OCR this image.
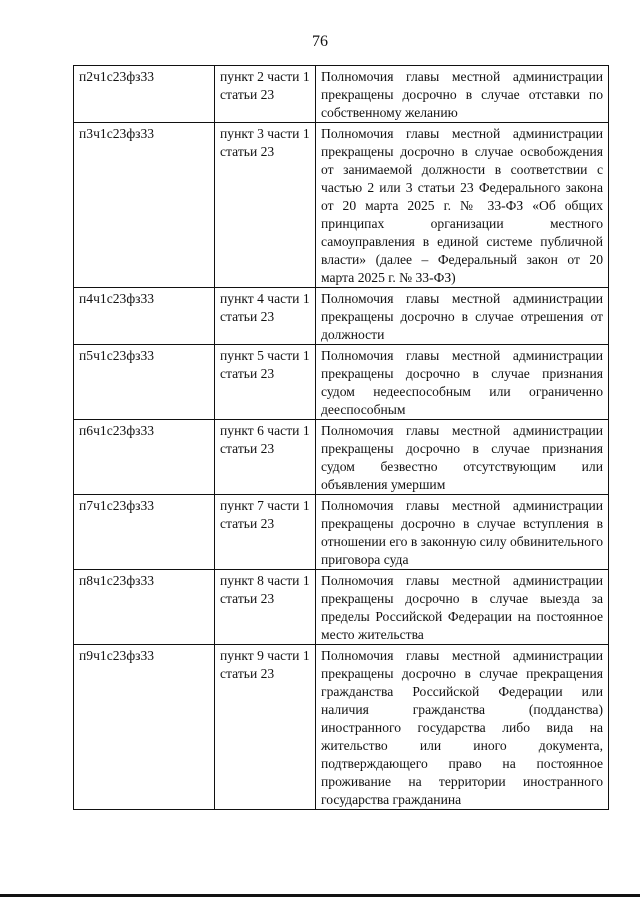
76
п2ч1с23фз33	пункт 2 части 1 статьи 23	Полномочия главы местной администрации прекращены досрочно в случае отставки по собственному желанию
п3ч1с23фз33	пункт 3 части 1 статьи 23	Полномочия главы местной администрации прекращены досрочно в случае освобождения от занимаемой должности в соответствии с частью 2 или 3 статьи 23 Федерального закона от 20 марта 2025 г. № 33-ФЗ «Об общих принципах организации местного самоуправления в единой системе публичной власти» (далее – Федеральный закон от 20 марта 2025 г. № 33-ФЗ)
п4ч1с23фз33	пункт 4 части 1 статьи 23	Полномочия главы местной администрации прекращены досрочно в случае отрешения от должности
п5ч1с23фз33	пункт 5 части 1 статьи 23	Полномочия главы местной администрации прекращены досрочно в случае признания судом недееспособным или ограниченно дееспособным
п6ч1с23фз33	пункт 6 части 1 статьи 23	Полномочия главы местной администрации прекращены досрочно в случае признания судом безвестно отсутствующим или объявления умершим
п7ч1с23фз33	пункт 7 части 1 статьи 23	Полномочия главы местной администрации прекращены досрочно в случае вступления в отношении его в законную силу обвинительного приговора суда
п8ч1с23фз33	пункт 8 части 1 статьи 23	Полномочия главы местной администрации прекращены досрочно в случае выезда за пределы Российской Федерации на постоянное место жительства
п9ч1с23фз33	пункт 9 части 1 статьи 23	Полномочия главы местной администрации прекращены досрочно в случае прекращения гражданства Российской Федерации или наличия гражданства (подданства) иностранного государства либо вида на жительство или иного документа, подтверждающего право на постоянное проживание на территории иностранного государства гражданина
